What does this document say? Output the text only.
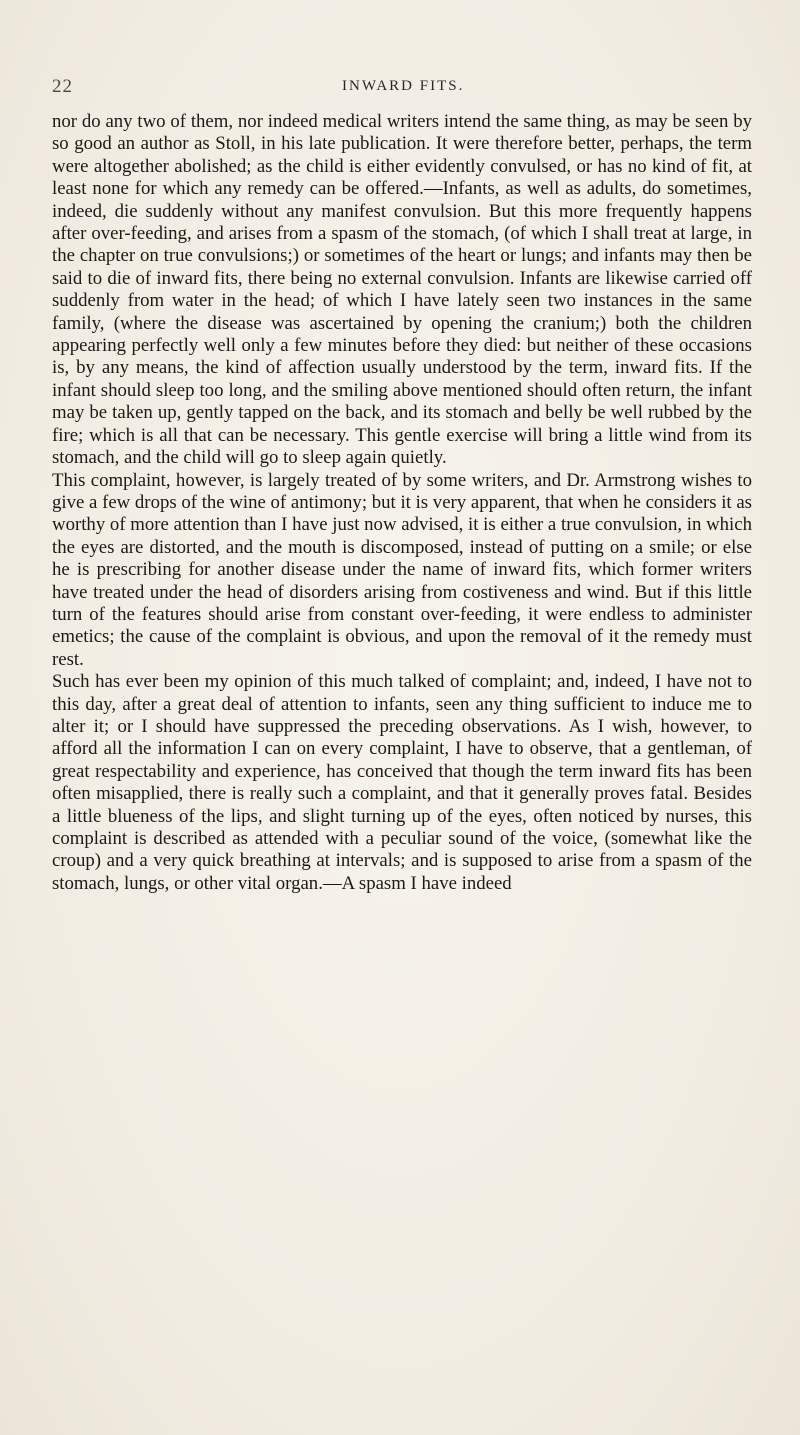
22	INWARD FITS.

nor do any two of them, nor indeed medical writers intend the same thing, as may be seen by so good an author as Stoll, in his late publication. It were therefore better, perhaps, the term were altogether abolished; as the child is either evidently convulsed, or has no kind of fit, at least none for which any remedy can be offered.—Infants, as well as adults, do sometimes, indeed, die suddenly without any manifest convulsion. But this more frequently happens after over-feeding, and arises from a spasm of the stomach, (of which I shall treat at large, in the chapter on true convulsions;) or sometimes of the heart or lungs; and infants may then be said to die of inward fits, there being no external convulsion. Infants are likewise carried off suddenly from water in the head; of which I have lately seen two instances in the same family, (where the disease was ascertained by opening the cranium;) both the children appearing perfectly well only a few minutes before they died: but neither of these occasions is, by any means, the kind of affection usually understood by the term, inward fits. If the infant should sleep too long, and the smiling above mentioned should often return, the infant may be taken up, gently tapped on the back, and its stomach and belly be well rubbed by the fire; which is all that can be necessary. This gentle exercise will bring a little wind from its stomach, and the child will go to sleep again quietly.

This complaint, however, is largely treated of by some writers, and Dr. Armstrong wishes to give a few drops of the wine of antimony; but it is very apparent, that when he considers it as worthy of more attention than I have just now advised, it is either a true convulsion, in which the eyes are distorted, and the mouth is discomposed, instead of putting on a smile; or else he is prescribing for another disease under the name of inward fits, which former writers have treated under the head of disorders arising from costiveness and wind. But if this little turn of the features should arise from constant over-feeding, it were endless to administer emetics; the cause of the complaint is obvious, and upon the removal of it the remedy must rest.

Such has ever been my opinion of this much talked of complaint; and, indeed, I have not to this day, after a great deal of attention to infants, seen any thing sufficient to induce me to alter it; or I should have suppressed the preceding observations. As I wish, however, to afford all the information I can on every complaint, I have to observe, that a gentleman, of great respectability and experience, has conceived that though the term inward fits has been often misapplied, there is really such a complaint, and that it generally proves fatal. Besides a little blueness of the lips, and slight turning up of the eyes, often noticed by nurses, this complaint is described as attended with a peculiar sound of the voice, (somewhat like the croup) and a very quick breathing at intervals; and is supposed to arise from a spasm of the stomach, lungs, or other vital organ.—A spasm I have indeed
